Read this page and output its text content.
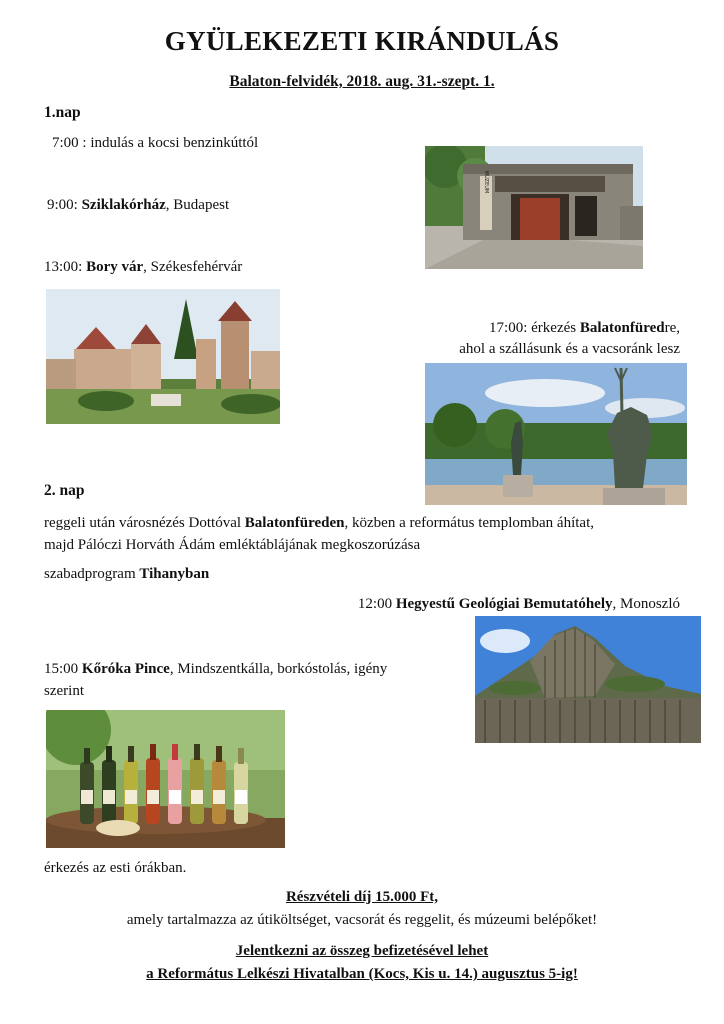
GYÜLEKEZETI KIRÁNDULÁS
Balaton-felvidék, 2018. aug. 31.-szept. 1.
1.nap
7:00 : indulás a kocsi benzinkúttól
9:00: Sziklakórház, Budapest
13:00: Bory vár, Székesfehérvár
17:00: érkezés Balatonfüredre,
ahol a szállásunk és a vacsoránk lesz
MÚZEUM
2. nap
reggeli után városnézés Dottóval Balatonfüreden, közben a református templomban áhítat,
majd Pálóczi Horváth Ádám emléktáblájának megkoszorúzása
szabadprogram Tihanyban
12:00 Hegyestű Geológiai Bemutatóhely, Monoszló
15:00 Kőróka Pince, Mindszentkálla, borkóstolás, igény
szerint
érkezés az esti órákban.
Részvételi díj 15.000 Ft,
amely tartalmazza az útiköltséget, vacsorát és reggelit, és múzeumi belépőket!
Jelentkezni az összeg befizetésével lehet
a Református Lelkészi Hivatalban (Kocs, Kis u. 14.) augusztus 5-ig!
